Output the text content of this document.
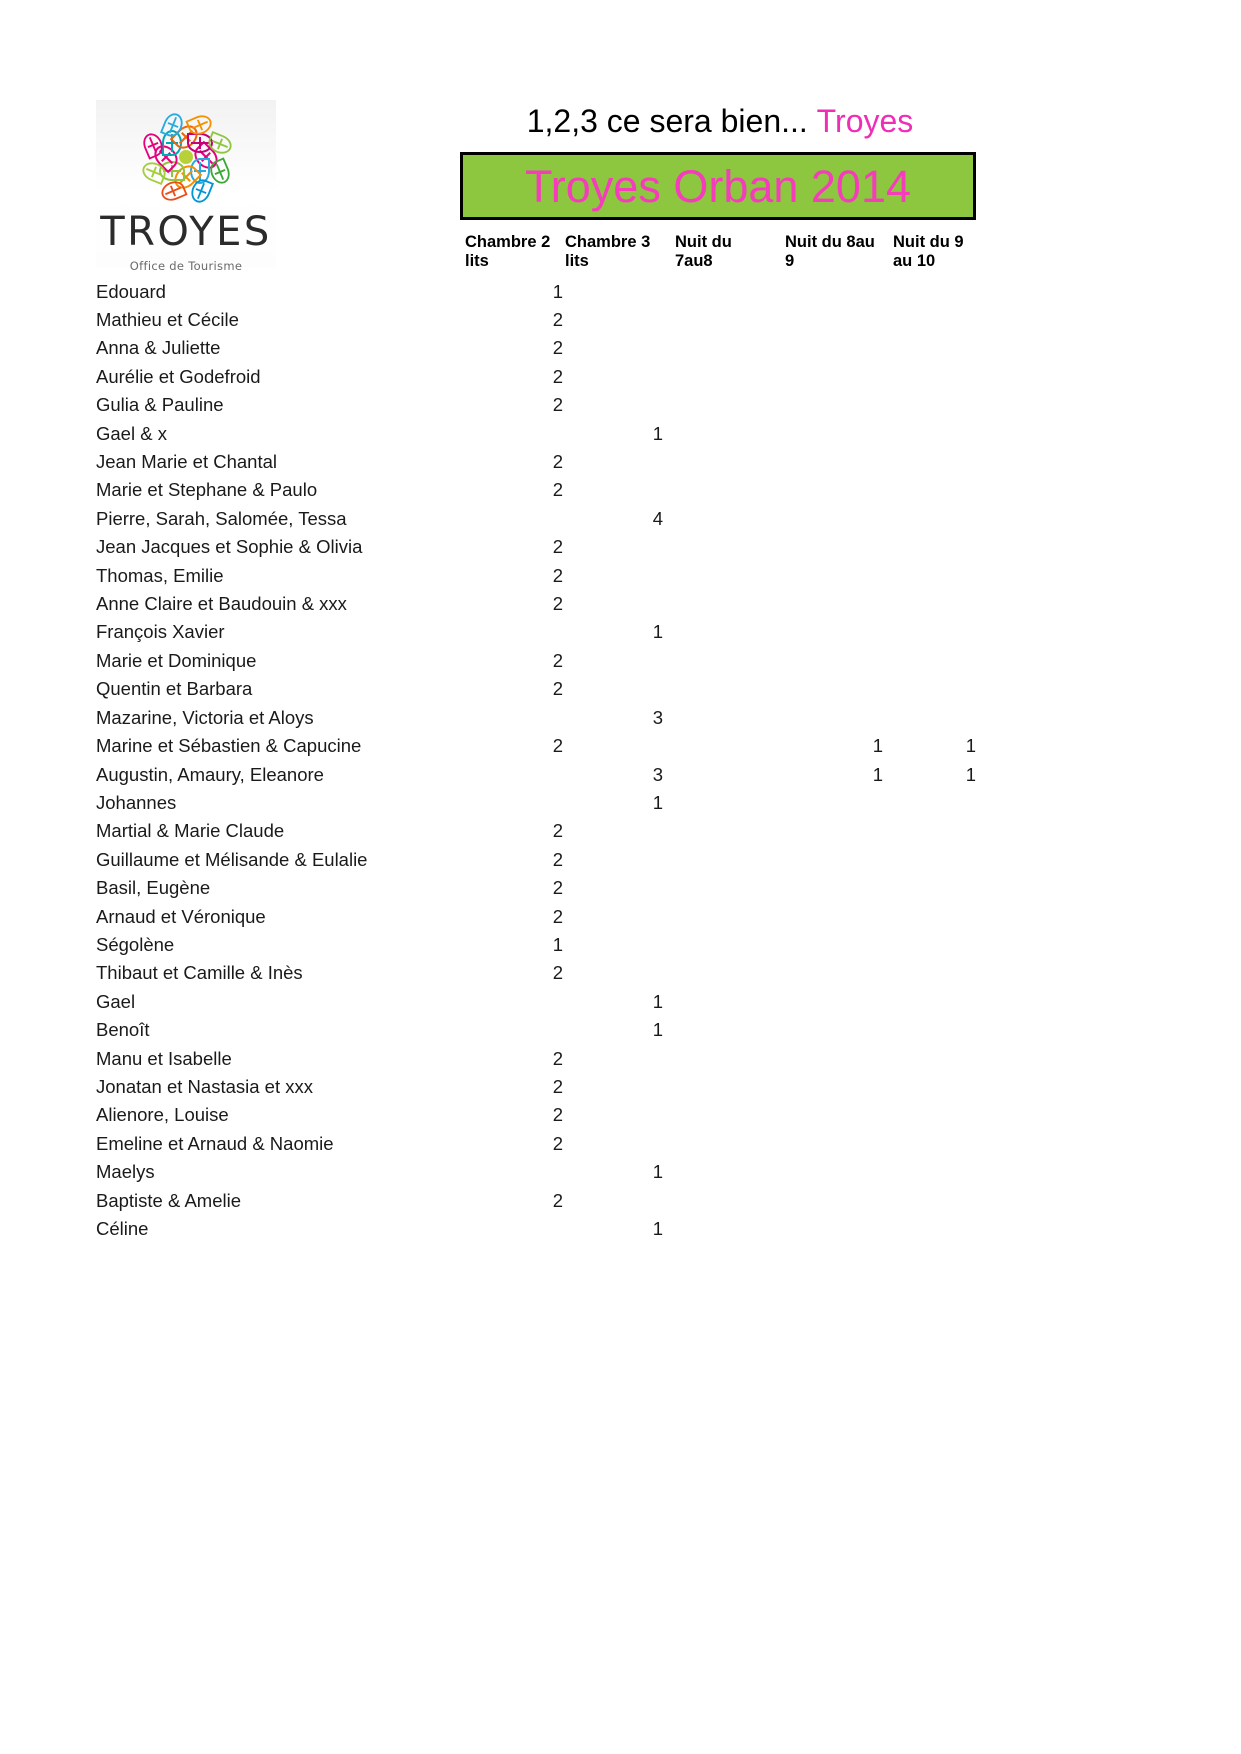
TROYES
Office de Tourisme
1,2,3 ce sera bien... Troyes
Troyes Orban 2014
	Chambre 2 lits	Chambre 3 lits	Nuit du 7au8	Nuit du 8au 9	Nuit du 9 au 10
Edouard	1				
Mathieu et Cécile	2				
Anna & Juliette	2				
Aurélie et Godefroid	2				
Gulia & Pauline	2				
Gael & x		1			
Jean Marie et Chantal	2				
Marie et Stephane & Paulo	2				
Pierre, Sarah, Salomée, Tessa		4			
Jean Jacques et Sophie & Olivia	2				
Thomas, Emilie	2				
Anne Claire et Baudouin & xxx	2				
François Xavier		1			
Marie et Dominique	2				
Quentin et Barbara	2				
Mazarine, Victoria et Aloys		3			
Marine et Sébastien & Capucine	2			1	1
Augustin, Amaury, Eleanore		3		1	1
Johannes		1			
Martial & Marie Claude	2				
Guillaume et Mélisande & Eulalie	2				
Basil, Eugène	2				
Arnaud et Véronique	2				
Ségolène	1				
Thibaut et Camille & Inès	2				
Gael		1			
Benoît		1			
Manu et Isabelle	2				
Jonatan et Nastasia et xxx	2				
Alienore, Louise	2				
Emeline et Arnaud & Naomie	2				
Maelys		1			
Baptiste & Amelie	2				
Céline		1			
